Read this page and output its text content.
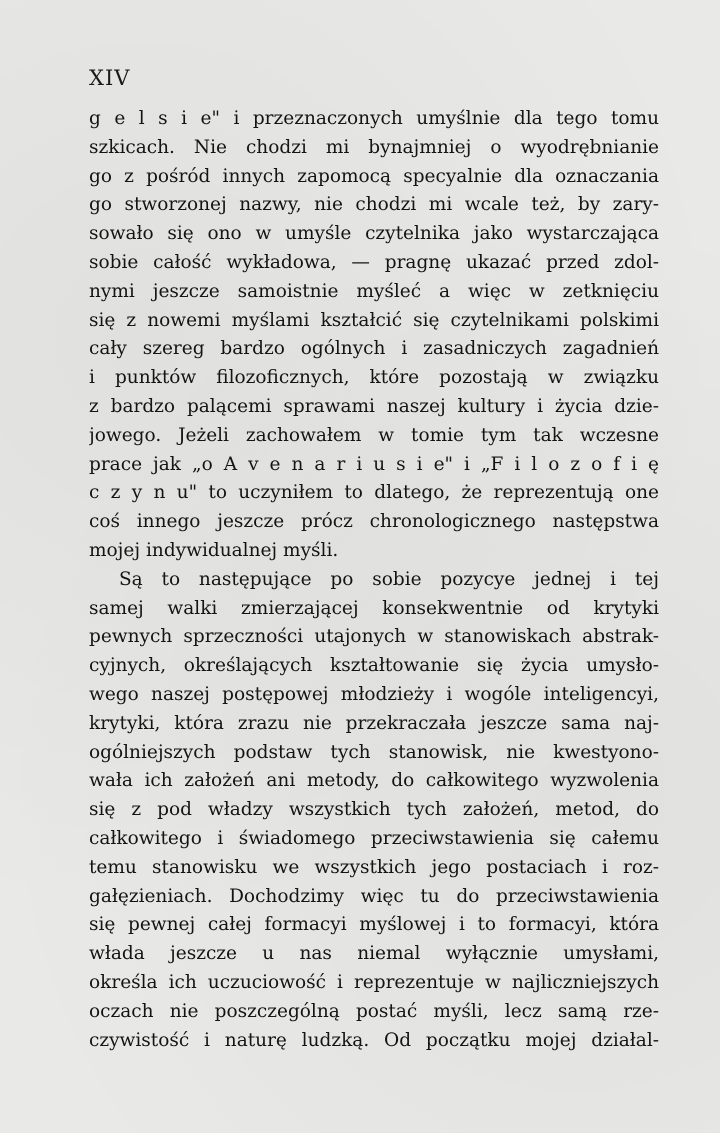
XIV
g e l s i e" i przeznaczonych umyślnie dla tego tomu
szkicach. Nie chodzi mi bynajmniej o wyodrębnianie
go z pośród innych zapomocą specyalnie dla oznaczania
go stworzonej nazwy, nie chodzi mi wcale też, by zary-
sowało się ono w umyśle czytelnika jako wystarczająca
sobie całość wykładowa, — pragnę ukazać przed zdol-
nymi jeszcze samoistnie myśleć a więc w zetknięciu
się z nowemi myślami kształcić się czytelnikami polskimi
cały szereg bardzo ogólnych i zasadniczych zagadnień
i punktów filozoficznych, które pozostają w związku
z bardzo palącemi sprawami naszej kultury i życia dzie-
jowego. Jeżeli zachowałem w tomie tym tak wczesne
prace jak „o A v e n a r i u s i e" i „F i l o z o f i ę
c z y n u" to uczyniłem to dlatego, że reprezentują one
coś innego jeszcze prócz chronologicznego następstwa
mojej indywidualnej myśli.
Są to następujące po sobie pozycye jednej i tej
samej walki zmierzającej konsekwentnie od krytyki
pewnych sprzeczności utajonych w stanowiskach abstrak-
cyjnych, określających kształtowanie się życia umysło-
wego naszej postępowej młodzieży i wogóle inteligencyi,
krytyki, która zrazu nie przekraczała jeszcze sama naj-
ogólniejszych podstaw tych stanowisk, nie kwestyono-
wała ich założeń ani metody, do całkowitego wyzwolenia
się z pod władzy wszystkich tych założeń, metod, do
całkowitego i świadomego przeciwstawienia się całemu
temu stanowisku we wszystkich jego postaciach i roz-
gałęzieniach. Dochodzimy więc tu do przeciwstawienia
się pewnej całej formacyi myślowej i to formacyi, która
włada jeszcze u nas niemal wyłącznie umysłami,
określa ich uczuciowość i reprezentuje w najliczniejszych
oczach nie poszczególną postać myśli, lecz samą rze-
czywistość i naturę ludzką. Od początku mojej działal-
